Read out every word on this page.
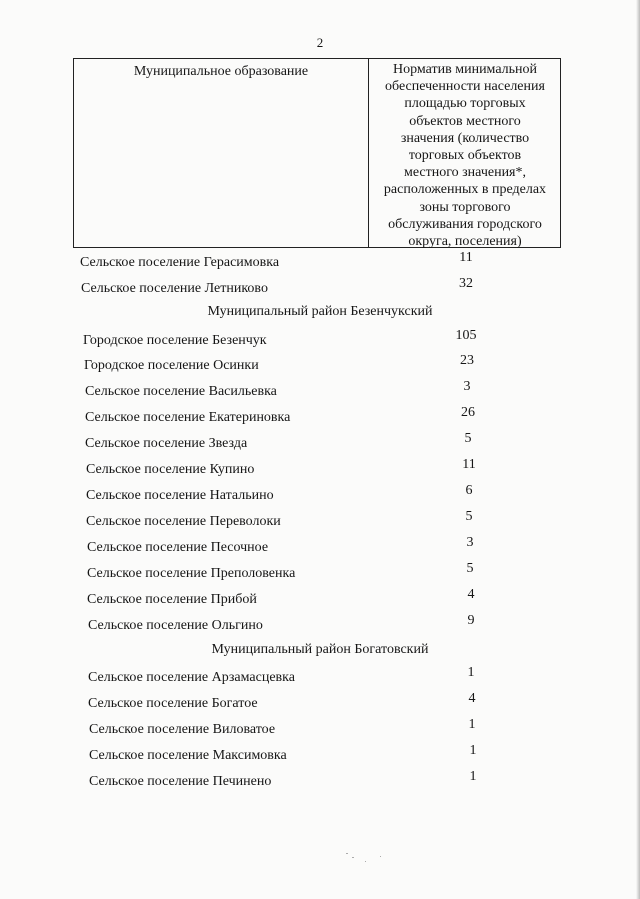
2
Муниципальное образование	Норматив минимальной
обеспеченности населения
площадью торговых
объектов местного
значения (количество
торговых объектов
местного значения*,
расположенных в пределах
зоны торгового
обслуживания городского
округа, поселения)
Сельское поселение Герасимовка	11
Сельское поселение Летниково	32
Муниципальный район Безенчукский
Городское поселение Безенчук	105
Городское поселение Осинки	23
Сельское поселение Васильевка	3
Сельское поселение Екатериновка	26
Сельское поселение Звезда	5
Сельское поселение Купино	11
Сельское поселение Натальино	6
Сельское поселение Переволоки	5
Сельское поселение Песочное	3
Сельское поселение Преполовенка	5
Сельское поселение Прибой	4
Сельское поселение Ольгино	9
Муниципальный район Богатовский
Сельское поселение Арзамасцевка	1
Сельское поселение Богатое	4
Сельское поселение Виловатое	1
Сельское поселение Максимовка	1
Сельское поселение Печинено	1
